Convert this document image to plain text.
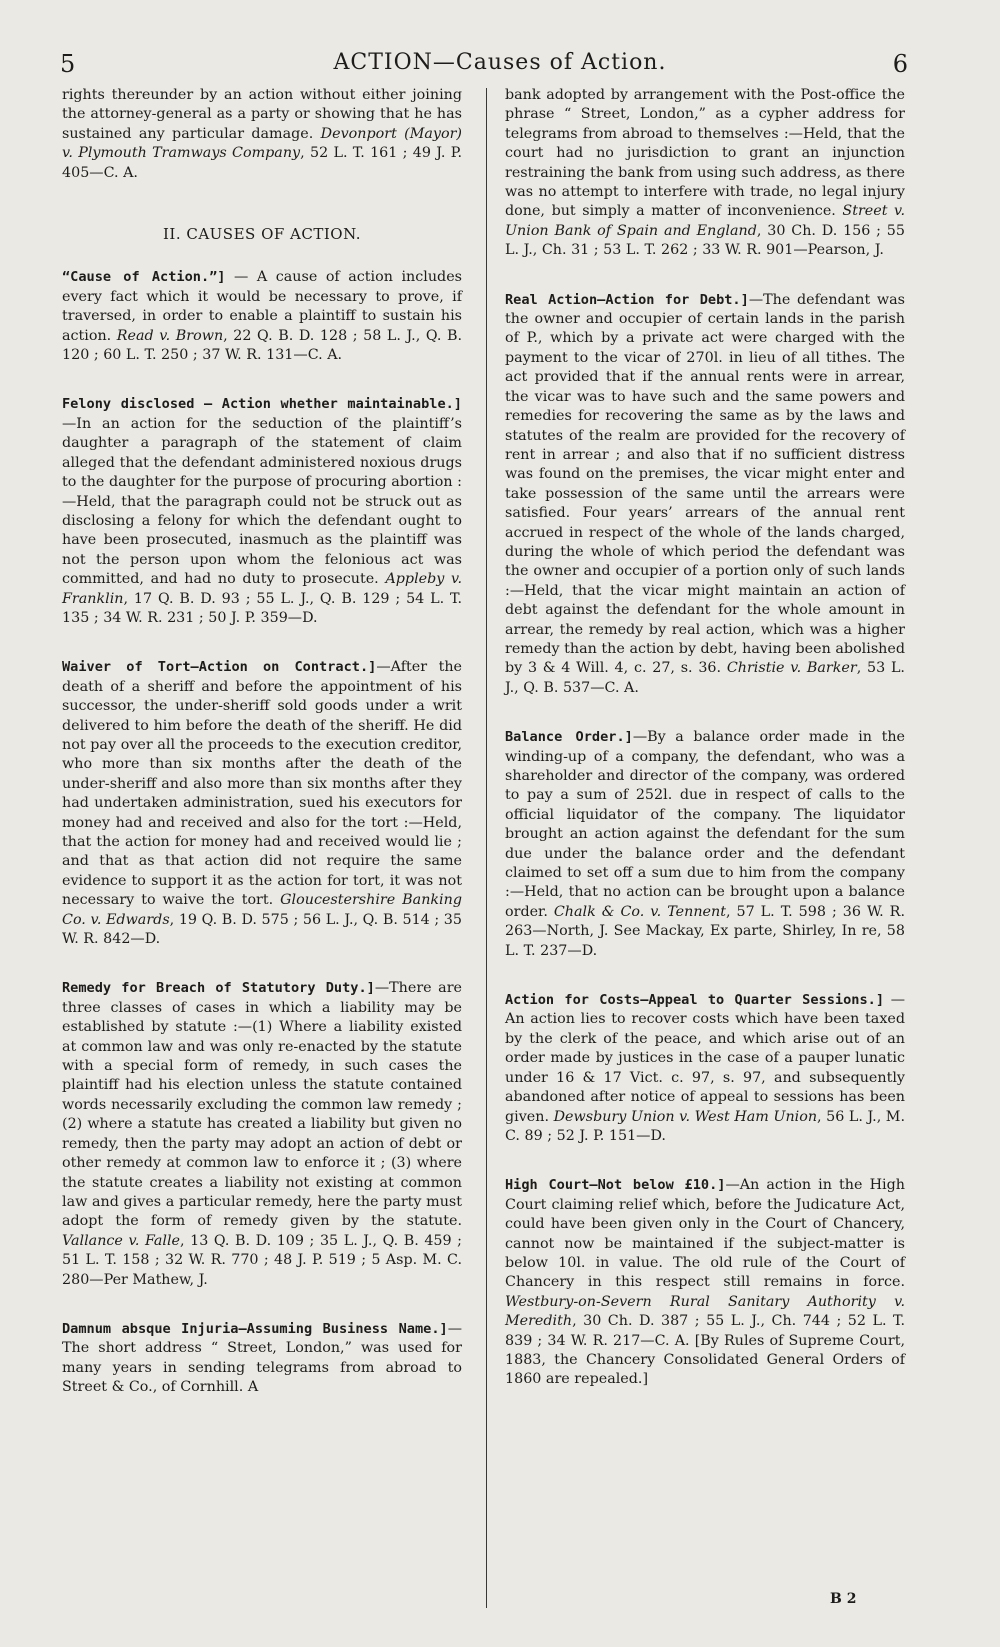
5	ACTION—Causes of Action.	6

rights thereunder by an action without either joining the attorney-general as a party or showing that he has sustained any particular damage. Devonport (Mayor) v. Plymouth Tramways Company, 52 L. T. 161 ; 49 J. P. 405—C. A.

II. CAUSES OF ACTION.

“Cause of Action.”] — A cause of action includes every fact which it would be necessary to prove, if traversed, in order to enable a plaintiff to sustain his action. Read v. Brown, 22 Q. B. D. 128 ; 58 L. J., Q. B. 120 ; 60 L. T. 250 ; 37 W. R. 131—C. A.

Felony disclosed — Action whether maintainable.]—In an action for the seduction of the plaintiff’s daughter a paragraph of the statement of claim alleged that the defendant administered noxious drugs to the daughter for the purpose of procuring abortion :—Held, that the paragraph could not be struck out as disclosing a felony for which the defendant ought to have been prosecuted, inasmuch as the plaintiff was not the person upon whom the felonious act was committed, and had no duty to prosecute. Appleby v. Franklin, 17 Q. B. D. 93 ; 55 L. J., Q. B. 129 ; 54 L. T. 135 ; 34 W. R. 231 ; 50 J. P. 359—D.

Waiver of Tort—Action on Contract.]—After the death of a sheriff and before the appointment of his successor, the under-sheriff sold goods under a writ delivered to him before the death of the sheriff. He did not pay over all the proceeds to the execution creditor, who more than six months after the death of the under-sheriff and also more than six months after they had undertaken administration, sued his executors for money had and received and also for the tort :—Held, that the action for money had and received would lie ; and that as that action did not require the same evidence to support it as the action for tort, it was not necessary to waive the tort. Gloucestershire Banking Co. v. Edwards, 19 Q. B. D. 575 ; 56 L. J., Q. B. 514 ; 35 W. R. 842—D.

Remedy for Breach of Statutory Duty.]—There are three classes of cases in which a liability may be established by statute :—(1) Where a liability existed at common law and was only re-enacted by the statute with a special form of remedy, in such cases the plaintiff had his election unless the statute contained words necessarily excluding the common law remedy ; (2) where a statute has created a liability but given no remedy, then the party may adopt an action of debt or other remedy at common law to enforce it ; (3) where the statute creates a liability not existing at common law and gives a particular remedy, here the party must adopt the form of remedy given by the statute. Vallance v. Falle, 13 Q. B. D. 109 ; 35 L. J., Q. B. 459 ; 51 L. T. 158 ; 32 W. R. 770 ; 48 J. P. 519 ; 5 Asp. M. C. 280—Per Mathew, J.

Damnum absque Injuria—Assuming Business Name.]—The short address “ Street, London,” was used for many years in sending telegrams from abroad to Street & Co., of Cornhill. A

bank adopted by arrangement with the Post-office the phrase “ Street, London,” as a cypher address for telegrams from abroad to themselves :—Held, that the court had no jurisdiction to grant an injunction restraining the bank from using such address, as there was no attempt to interfere with trade, no legal injury done, but simply a matter of inconvenience. Street v. Union Bank of Spain and England, 30 Ch. D. 156 ; 55 L. J., Ch. 31 ; 53 L. T. 262 ; 33 W. R. 901—Pearson, J.

Real Action—Action for Debt.]—The defendant was the owner and occupier of certain lands in the parish of P., which by a private act were charged with the payment to the vicar of 270l. in lieu of all tithes. The act provided that if the annual rents were in arrear, the vicar was to have such and the same powers and remedies for recovering the same as by the laws and statutes of the realm are provided for the recovery of rent in arrear ; and also that if no sufficient distress was found on the premises, the vicar might enter and take possession of the same until the arrears were satisfied. Four years’ arrears of the annual rent accrued in respect of the whole of the lands charged, during the whole of which period the defendant was the owner and occupier of a portion only of such lands :—Held, that the vicar might maintain an action of debt against the defendant for the whole amount in arrear, the remedy by real action, which was a higher remedy than the action by debt, having been abolished by 3 & 4 Will. 4, c. 27, s. 36. Christie v. Barker, 53 L. J., Q. B. 537—C. A.

Balance Order.]—By a balance order made in the winding-up of a company, the defendant, who was a shareholder and director of the company, was ordered to pay a sum of 252l. due in respect of calls to the official liquidator of the company. The liquidator brought an action against the defendant for the sum due under the balance order and the defendant claimed to set off a sum due to him from the company :—Held, that no action can be brought upon a balance order. Chalk & Co. v. Tennent, 57 L. T. 598 ; 36 W. R. 263—North, J. See Mackay, Ex parte, Shirley, In re, 58 L. T. 237—D.

Action for Costs—Appeal to Quarter Sessions.] —An action lies to recover costs which have been taxed by the clerk of the peace, and which arise out of an order made by justices in the case of a pauper lunatic under 16 & 17 Vict. c. 97, s. 97, and subsequently abandoned after notice of appeal to sessions has been given. Dewsbury Union v. West Ham Union, 56 L. J., M. C. 89 ; 52 J. P. 151—D.

High Court—Not below £10.]—An action in the High Court claiming relief which, before the Judicature Act, could have been given only in the Court of Chancery, cannot now be maintained if the subject-matter is below 10l. in value. The old rule of the Court of Chancery in this respect still remains in force. Westbury-on-Severn Rural Sanitary Authority v. Meredith, 30 Ch. D. 387 ; 55 L. J., Ch. 744 ; 52 L. T. 839 ; 34 W. R. 217—C. A. [By Rules of Supreme Court, 1883, the Chancery Consolidated General Orders of 1860 are repealed.]

B 2
